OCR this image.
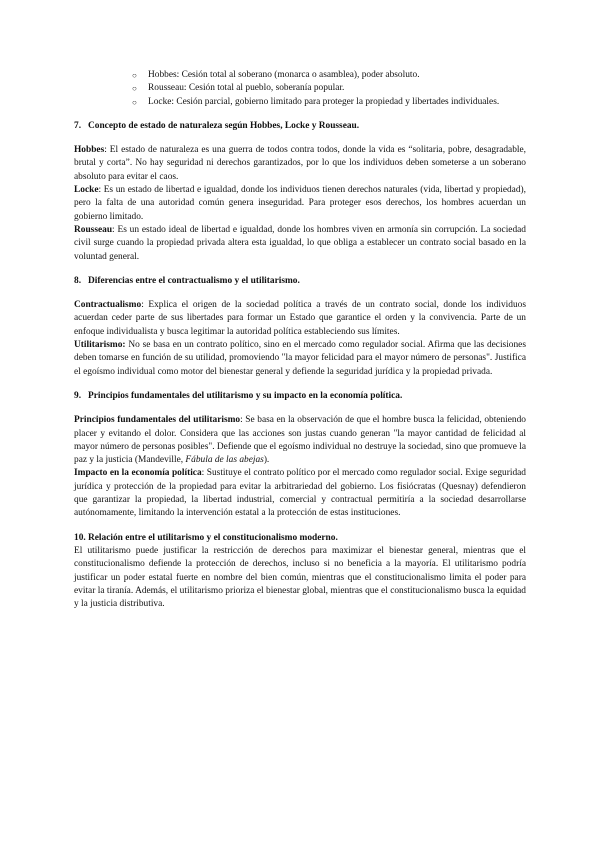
○	Hobbes: Cesión total al soberano (monarca o asamblea), poder absoluto.
○	Rousseau: Cesión total al pueblo, soberanía popular.
○	Locke: Cesión parcial, gobierno limitado para proteger la propiedad y libertades individuales.
7. Concepto de estado de naturaleza según Hobbes, Locke y Rousseau.

Hobbes: El estado de naturaleza es una guerra de todos contra todos, donde la vida es “solitaria, pobre, desagradable, brutal y corta”. No hay seguridad ni derechos garantizados, por lo que los individuos deben someterse a un soberano absoluto para evitar el caos.

Locke: Es un estado de libertad e igualdad, donde los individuos tienen derechos naturales (vida, libertad y propiedad), pero la falta de una autoridad común genera inseguridad. Para proteger esos derechos, los hombres acuerdan un gobierno limitado.

Rousseau: Es un estado ideal de libertad e igualdad, donde los hombres viven en armonía sin corrupción. La sociedad civil surge cuando la propiedad privada altera esta igualdad, lo que obliga a establecer un contrato social basado en la voluntad general.

8. Diferencias entre el contractualismo y el utilitarismo.

Contractualismo: Explica el origen de la sociedad política a través de un contrato social, donde los individuos acuerdan ceder parte de sus libertades para formar un Estado que garantice el orden y la convivencia. Parte de un enfoque individualista y busca legitimar la autoridad política estableciendo sus límites.

Utilitarismo: No se basa en un contrato político, sino en el mercado como regulador social. Afirma que las decisiones deben tomarse en función de su utilidad, promoviendo "la mayor felicidad para el mayor número de personas". Justifica el egoísmo individual como motor del bienestar general y defiende la seguridad jurídica y la propiedad privada.

9. Principios fundamentales del utilitarismo y su impacto en la economía política.

Principios fundamentales del utilitarismo: Se basa en la observación de que el hombre busca la felicidad, obteniendo placer y evitando el dolor. Considera que las acciones son justas cuando generan "la mayor cantidad de felicidad al mayor número de personas posibles". Defiende que el egoísmo individual no destruye la sociedad, sino que promueve la paz y la justicia (Mandeville, Fábula de las abejas).

Impacto en la economía política: Sustituye el contrato político por el mercado como regulador social. Exige seguridad jurídica y protección de la propiedad para evitar la arbitrariedad del gobierno. Los fisiócratas (Quesnay) defendieron que garantizar la propiedad, la libertad industrial, comercial y contractual permitiría a la sociedad desarrollarse autónomamente, limitando la intervención estatal a la protección de estas instituciones.

10. Relación entre el utilitarismo y el constitucionalismo moderno.

El utilitarismo puede justificar la restricción de derechos para maximizar el bienestar general, mientras que el constitucionalismo defiende la protección de derechos, incluso si no beneficia a la mayoría. El utilitarismo podría justificar un poder estatal fuerte en nombre del bien común, mientras que el constitucionalismo limita el poder para evitar la tiranía. Además, el utilitarismo prioriza el bienestar global, mientras que el constitucionalismo busca la equidad y la justicia distributiva.
